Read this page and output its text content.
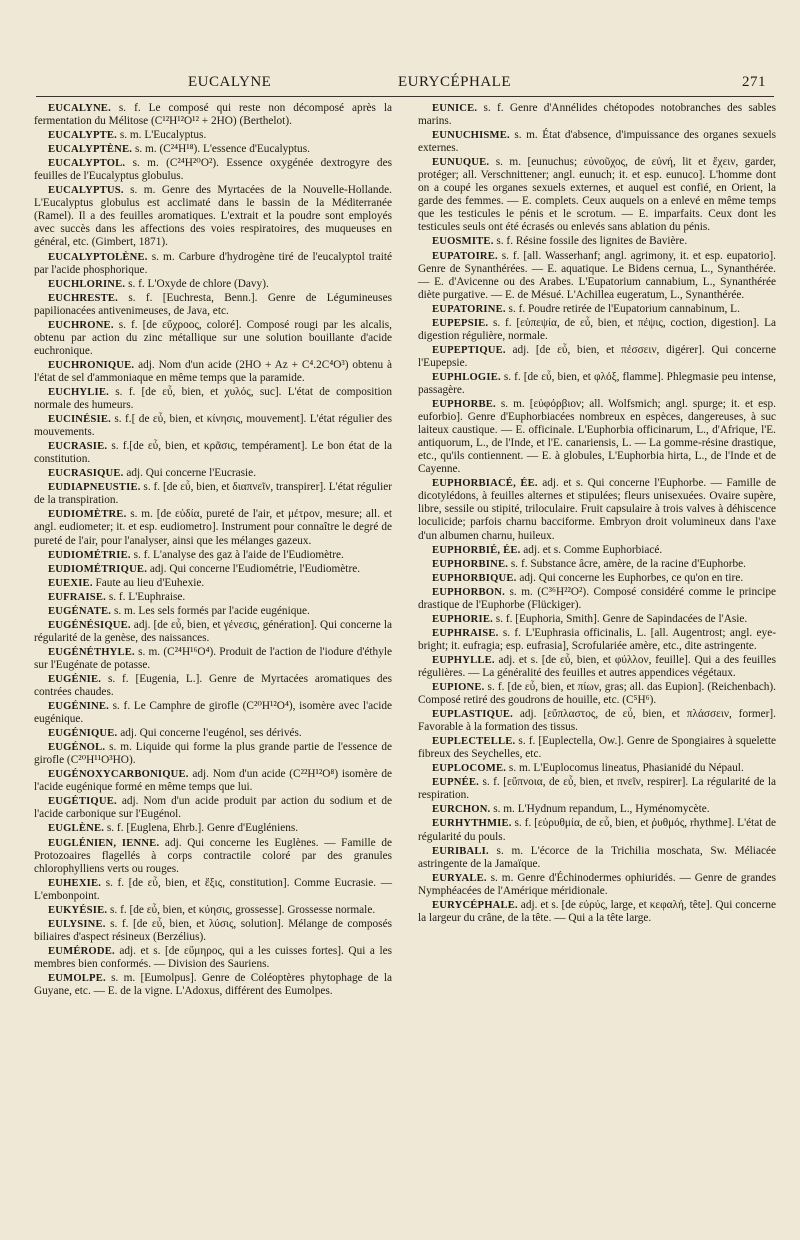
EUCALYNE	EURYCÉPHALE	271

EUCALYNE. s. f. Le composé qui reste non décomposé après la fermentation du Mélitose (C¹²H¹²O¹² + 2HO) (Berthelot).

EUCALYPTE. s. m. L'Eucalyptus.

EUCALYPTÈNE. s. m. (C²⁴H¹⁸). L'essence d'Eucalyptus.

EUCALYPTOL. s. m. (C²⁴H²⁰O²). Essence oxygénée dextrogyre des feuilles de l'Eucalyptus globulus.

EUCALYPTUS. s. m. Genre des Myrtacées de la Nouvelle-Hollande. L'Eucalyptus globulus est acclimaté dans le bassin de la Méditerranée (Ramel). Il a des feuilles aromatiques. L'extrait et la poudre sont employés avec succès dans les affections des voies respiratoires, des muqueuses en général, etc. (Gimbert, 1871).

EUCALYPTOLÈNE. s. m. Carbure d'hydrogène tiré de l'eucalyptol traité par l'acide phosphorique.

EUCHLORINE. s. f. L'Oxyde de chlore (Davy).

EUCHRESTE. s. f. [Euchresta, Benn.]. Genre de Légumineuses papilionacées antivenimeuses, de Java, etc.

EUCHRONE. s. f. [de εὔχροος, coloré]. Composé rougi par les alcalis, obtenu par action du zinc métallique sur une solution bouillante d'acide euchronique.

EUCHRONIQUE. adj. Nom d'un acide (2HO + Az + C⁴.2C⁴O³) obtenu à l'état de sel d'ammoniaque en même temps que la paramide.

EUCHYLIE. s. f. [de εὖ, bien, et χυλός, suc]. L'état de composition normale des humeurs.

EUCINÉSIE. s. f.[ de εὖ, bien, et κίνησις, mouvement]. L'état régulier des mouvements.

EUCRASIE. s. f.[de εὖ, bien, et κρᾶσις, tempérament]. Le bon état de la constitution.

EUCRASIQUE. adj. Qui concerne l'Eucrasie.

EUDIAPNEUSTIE. s. f. [de εὖ, bien, et διαπνεῖν, transpirer]. L'état régulier de la transpiration.

EUDIOMÈTRE. s. m. [de εὐδία, pureté de l'air, et μέτρον, mesure; all. et angl. eudiometer; it. et esp. eudiometro]. Instrument pour connaître le degré de pureté de l'air, pour l'analyser, ainsi que les mélanges gazeux.

EUDIOMÉTRIE. s. f. L'analyse des gaz à l'aide de l'Eudiomètre.

EUDIOMÉTRIQUE. adj. Qui concerne l'Eudiométrie, l'Eudiomètre.

EUEXIE. Faute au lieu d'Euhexie.

EUFRAISE. s. f. L'Euphraise.

EUGÉNATE. s. m. Les sels formés par l'acide eugénique.

EUGÉNÉSIQUE. adj. [de εὖ, bien, et γένεσις, génération]. Qui concerne la régularité de la genèse, des naissances.

EUGÉNÉTHYLE. s. m. (C²⁴H¹⁶O⁴). Produit de l'action de l'iodure d'éthyle sur l'Eugénate de potasse.

EUGÉNIE. s. f. [Eugenia, L.]. Genre de Myrtacées aromatiques des contrées chaudes.

EUGÉNINE. s. f. Le Camphre de girofle (C²⁰H¹²O⁴), isomère avec l'acide eugénique.

EUGÉNIQUE. adj. Qui concerne l'eugénol, ses dérivés.

EUGÉNOL. s. m. Liquide qui forme la plus grande partie de l'essence de girofle (C²⁰H¹¹O³HO).

EUGÉNOXYCARBONIQUE. adj. Nom d'un acide (C²²H¹²O⁸) isomère de l'acide eugénique formé en même temps que lui.

EUGÉTIQUE. adj. Nom d'un acide produit par action du sodium et de l'acide carbonique sur l'Eugénol.

EUGLÈNE. s. f. [Euglena, Ehrb.]. Genre d'Eugléniens.

EUGLÉNIEN, IENNE. adj. Qui concerne les Euglènes. — Famille de Protozoaires flagellés à corps contractile coloré par des granules chlorophylliens verts ou rouges.

EUHEXIE. s. f. [de εὖ, bien, et ἕξις, constitution]. Comme Eucrasie. — L'embonpoint.

EUKYÉSIE. s. f. [de εὖ, bien, et κύησις, grossesse]. Grossesse normale.

EULYSINE. s. f. [de εὖ, bien, et λύσις, solution]. Mélange de composés biliaires d'aspect résineux (Berzélius).

EUMÉRODE. adj. et s. [de εὔμηρος, qui a les cuisses fortes]. Qui a les membres bien conformés. — Division des Sauriens.

EUMOLPE. s. m. [Eumolpus]. Genre de Coléoptères phytophage de la Guyane, etc. — E. de la vigne. L'Adoxus, différent des Eumolpes.

EUNICE. s. f. Genre d'Annélides chétopodes notobranches des sables marins.

EUNUCHISME. s. m. État d'absence, d'impuissance des organes sexuels externes.

EUNUQUE. s. m. [eunuchus; εὐνοῦχος, de εὐνή, lit et ἔχειν, garder, protéger; all. Verschnittener; angl. eunuch; it. et esp. eunuco]. L'homme dont on a coupé les organes sexuels externes, et auquel est confié, en Orient, la garde des femmes. — E. complets. Ceux auquels on a enlevé en même temps que les testicules le pénis et le scrotum. — E. imparfaits. Ceux dont les testicules seuls ont été écrasés ou enlevés sans ablation du pénis.

EUOSMITE. s. f. Résine fossile des lignites de Bavière.

EUPATOIRE. s. f. [all. Wasserhanf; angl. agrimony, it. et esp. eupatorio]. Genre de Synanthérées. — E. aquatique. Le Bidens cernua, L., Synanthérée. — E. d'Avicenne ou des Arabes. L'Eupatorium cannabium, L., Synanthérée diète purgative. — E. de Mésué. L'Achillea eugeratum, L., Synanthérée.

EUPATORINE. s. f. Poudre retirée de l'Eupatorium cannabinum, L.

EUPEPSIE. s. f. [εὐπεψία, de εὖ, bien, et πέψις, coction, digestion]. La digestion régulière, normale.

EUPEPTIQUE. adj. [de εὖ, bien, et πέσσειν, digérer]. Qui concerne l'Eupepsie.

EUPHLOGIE. s. f. [de εὖ, bien, et φλόξ, flamme]. Phlegmasie peu intense, passagère.

EUPHORBE. s. m. [εὐφόρβιον; all. Wolfsmich; angl. spurge; it. et esp. euforbio]. Genre d'Euphorbiacées nombreux en espèces, dangereuses, à suc laiteux caustique. — E. officinale. L'Euphorbia officinarum, L., d'Afrique, l'E. antiquorum, L., de l'Inde, et l'E. canariensis, L. — La gomme-résine drastique, etc., qu'ils contiennent. — E. à globules, L'Euphorbia hirta, L., de l'Inde et de Cayenne.

EUPHORBIACÉ, ÉE. adj. et s. Qui concerne l'Euphorbe. — Famille de dicotylédons, à feuilles alternes et stipulées; fleurs unisexuées. Ovaire supère, libre, sessile ou stipité, triloculaire. Fruit capsulaire à trois valves à déhiscence loculicide; parfois charnu bacciforme. Embryon droit volumineux dans l'axe d'un albumen charnu, huileux.

EUPHORBIÉ, ÉE. adj. et s. Comme Euphorbiacé.

EUPHORBINE. s. f. Substance âcre, amère, de la racine d'Euphorbe.

EUPHORBIQUE. adj. Qui concerne les Euphorbes, ce qu'on en tire.

EUPHORBON. s. m. (C³⁶H²²O²). Composé considéré comme le principe drastique de l'Euphorbe (Flückiger).

EUPHORIE. s. f. [Euphoria, Smith]. Genre de Sapindacées de l'Asie.

EUPHRAISE. s. f. L'Euphrasia officinalis, L. [all. Augentrost; angl. eye-bright; it. eufragia; esp. eufrasia], Scrofulariée amère, etc., dite astringente.

EUPHYLLE. adj. et s. [de εὖ, bien, et φύλλον, feuille]. Qui a des feuilles régulières. — La généralité des feuilles et autres appendices végétaux.

EUPIONE. s. f. [de εὖ, bien, et πίων, gras; all. das Eupion]. (Reichenbach). Composé retiré des goudrons de houille, etc. (C⁵H⁶).

EUPLASTIQUE. adj. [εὔπλαστος, de εὖ, bien, et πλάσσειν, former]. Favorable à la formation des tissus.

EUPLECTELLE. s. f. [Euplectella, Ow.]. Genre de Spongiaires à squelette fibreux des Seychelles, etc.

EUPLOCOME. s. m. L'Euplocomus lineatus, Phasianidé du Népaul.

EUPNÉE. s. f. [εὔπνοια, de εὖ, bien, et πνεῖν, respirer]. La régularité de la respiration.

EURCHON. s. m. L'Hydnum repandum, L., Hyménomycète.

EURHYTHMIE. s. f. [εὐρυθμία, de εὖ, bien, et ῥυθμός, rhythme]. L'état de régularité du pouls.

EURIBALI. s. m. L'écorce de la Trichilia moschata, Sw. Méliacée astringente de la Jamaïque.

EURYALE. s. m. Genre d'Échinodermes ophiuridés. — Genre de grandes Nymphéacées de l'Amérique méridionale.

EURYCÉPHALE. adj. et s. [de εὐρύς, large, et κεφαλή, tête]. Qui concerne la largeur du crâne, de la tête. — Qui a la tête large.
